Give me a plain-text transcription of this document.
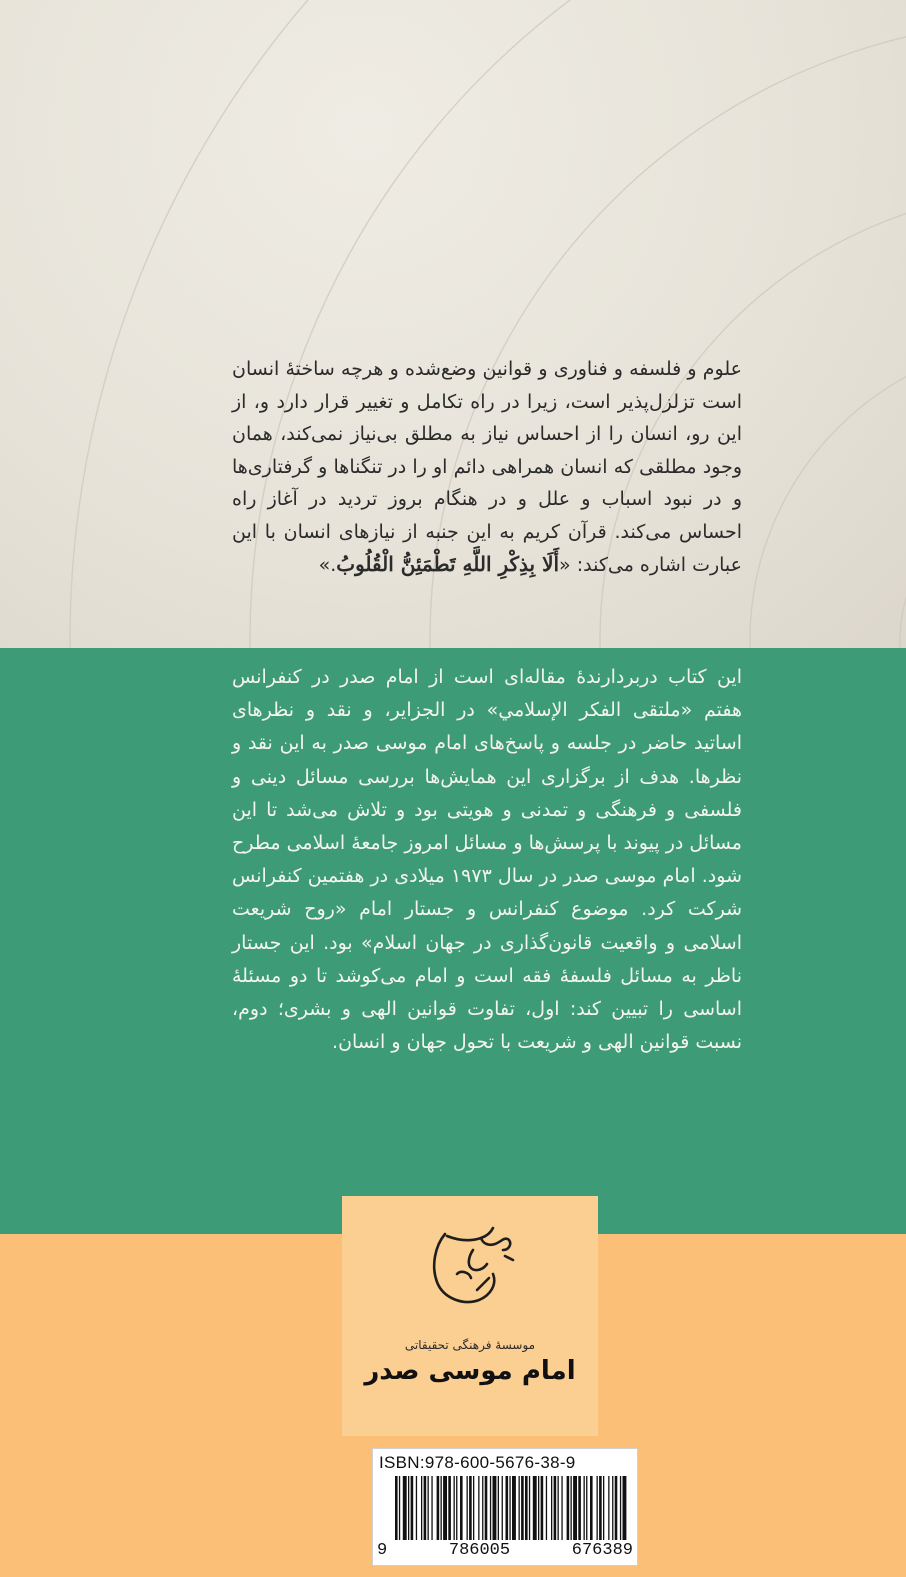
علوم و فلسفه و فناوری و قوانین وضع‌شده و هرچه ساختهٔ انسان است تزلزل‌پذیر است، زیرا در راه تکامل و تغییر قرار دارد و، از این رو، انسان را از احساس نیاز به مطلق بی‌نیاز نمی‌کند، همان وجود مطلقی که انسان همراهی دائم او را در تنگناها و گرفتاری‌ها و در نبود اسباب و علل و در هنگام بروز تردید در آغاز راه احساس می‌کند. قرآن کریم به این جنبه از نیازهای انسان با این عبارت اشاره می‌کند: «أَلَا بِذِكْرِ اللَّهِ تَطْمَئِنُّ الْقُلُوبُ.»

این کتاب دربردارندهٔ مقاله‌ای است از امام صدر در کنفرانس هفتم «ملتقى الفكر الإسلامي» در الجزایر، و نقد و نظرهای اساتید حاضر در جلسه و پاسخ‌های امام موسی صدر به این نقد و نظرها. هدف از برگزاری این همایش‌ها بررسی مسائل دینی و فلسفی و فرهنگی و تمدنی و هویتی بود و تلاش می‌شد تا این مسائل در پیوند با پرسش‌ها و مسائل امروز جامعهٔ اسلامی مطرح شود. امام موسی صدر در سال ۱۹۷۳ میلادی در هفتمین کنفرانس شرکت کرد. موضوع کنفرانس و جستار امام «روح شریعت اسلامی و واقعیت قانون‌گذاری در جهان اسلام» بود. این جستار ناظر به مسائل فلسفهٔ فقه است و امام می‌کوشد تا دو مسئلهٔ اساسی را تبیین کند: اول، تفاوت قوانین الهی و بشری؛ دوم، نسبت قوانین الهی و شریعت با تحول جهان و انسان.

موسسهٔ فرهنگی تحقیقاتی
امام موسی صدر
ISBN:978-600-5676-38-9
9	786005	676389
